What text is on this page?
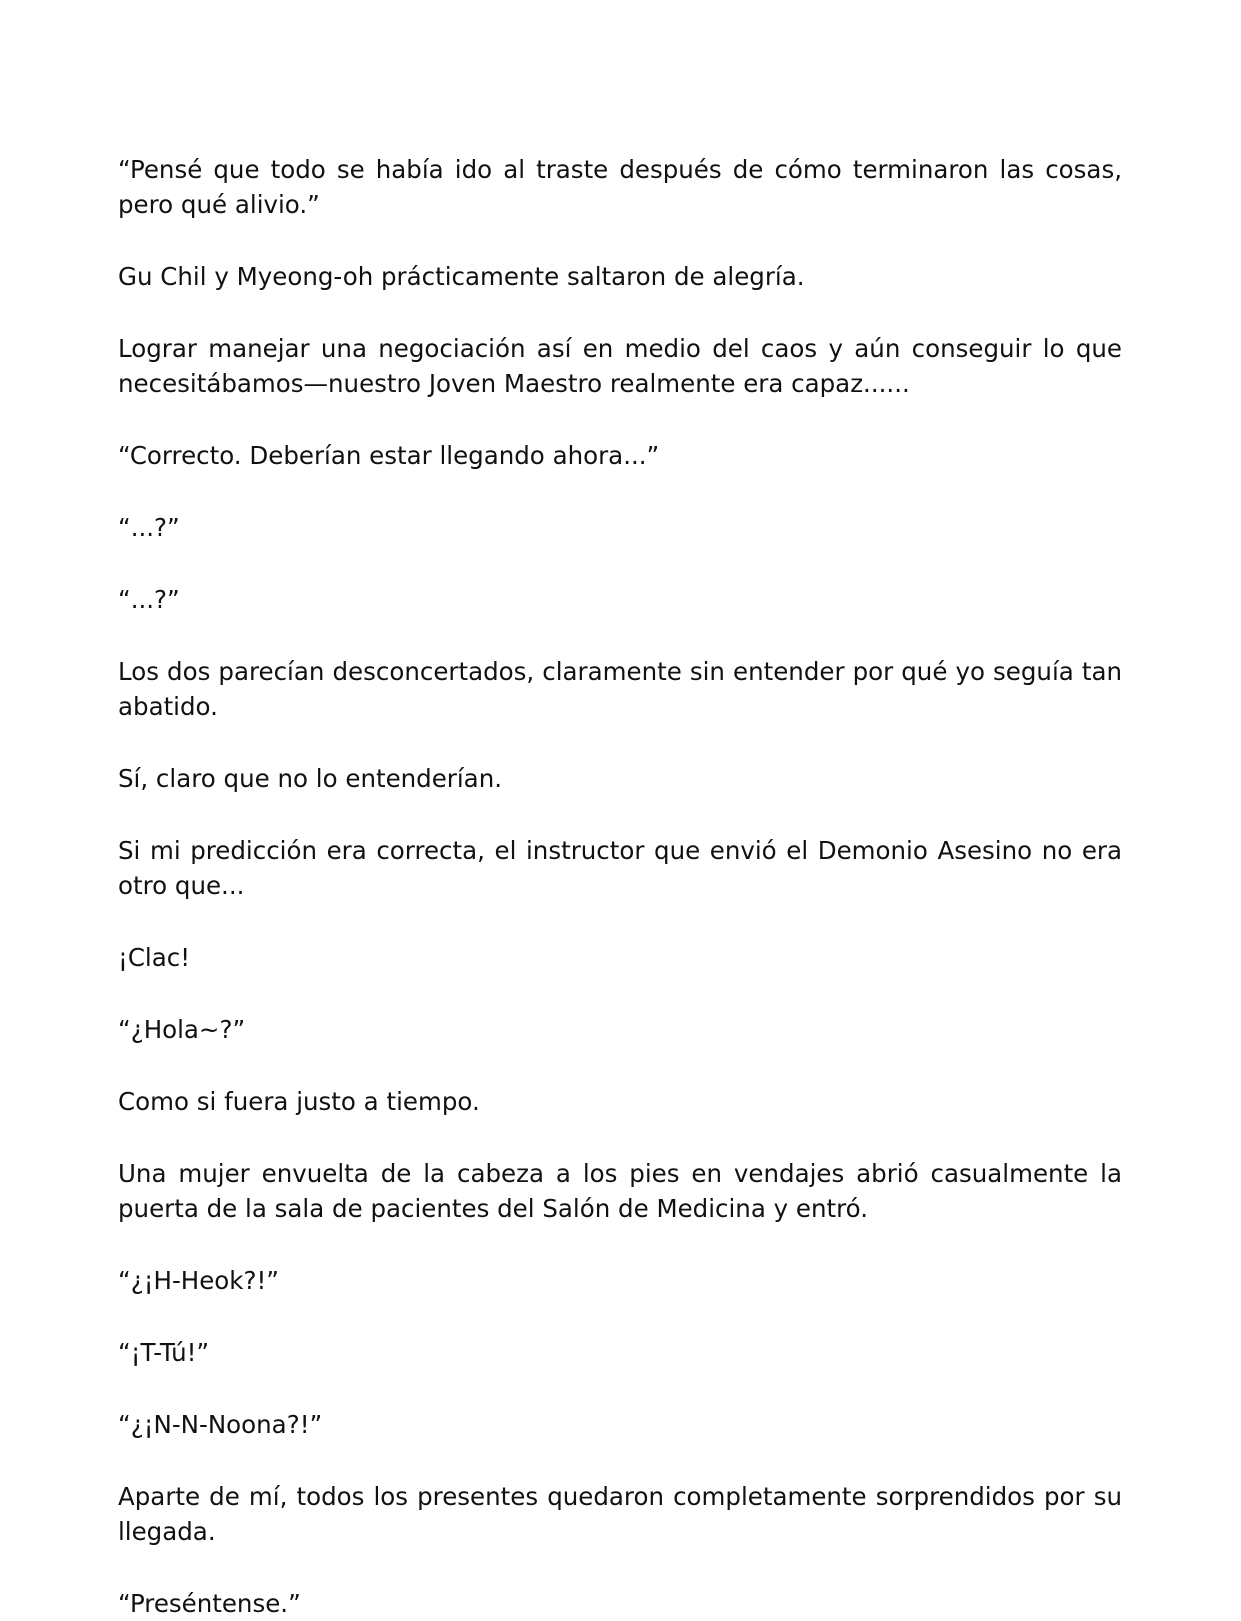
“Pensé que todo se había ido al traste después de cómo terminaron las cosas, pero qué alivio.”

Gu Chil y Myeong-oh prácticamente saltaron de alegría.

Lograr manejar una negociación así en medio del caos y aún conseguir lo que necesitábamos—nuestro Joven Maestro realmente era capaz......

“Correcto. Deberían estar llegando ahora...”

“...?”

“...?”

Los dos parecían desconcertados, claramente sin entender por qué yo seguía tan abatido.

Sí, claro que no lo entenderían.

Si mi predicción era correcta, el instructor que envió el Demonio Asesino no era otro que...

¡Clac!

“¿Hola~?”

Como si fuera justo a tiempo.

Una mujer envuelta de la cabeza a los pies en vendajes abrió casualmente la puerta de la sala de pacientes del Salón de Medicina y entró.

“¿¡H-Heok?!”

“¡T-Tú!”

“¿¡N-N-Noona?!”

Aparte de mí, todos los presentes quedaron completamente sorprendidos por su llegada.

“Preséntense.”
